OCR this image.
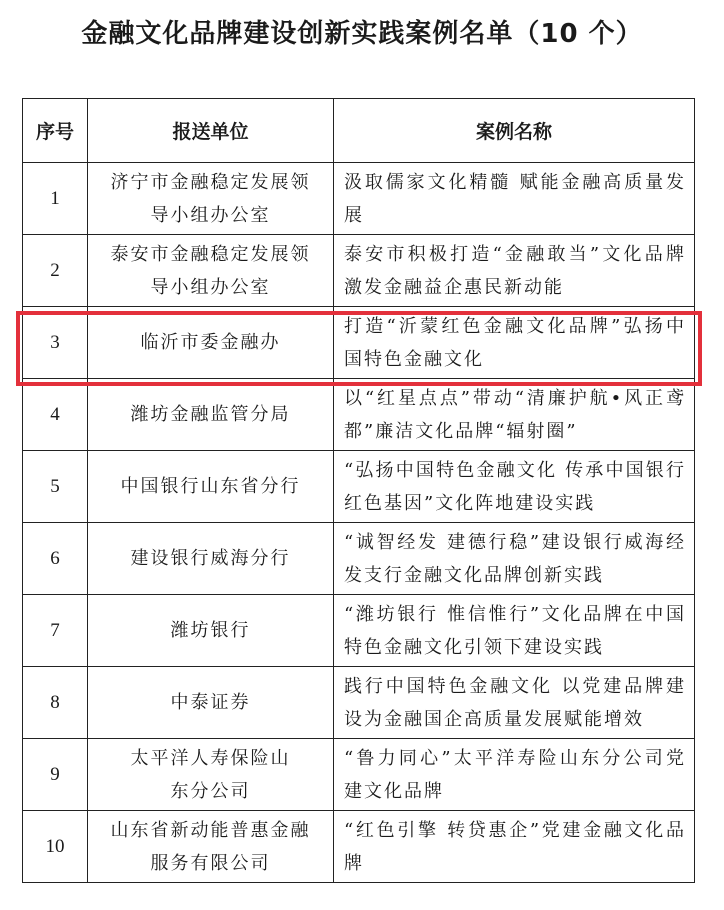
金融文化品牌建设创新实践案例名单（10 个）
序号	报送单位	案例名称
1	济宁市金融稳定发展领导小组办公室	汲取儒家文化精髓 赋能金融高质量发展

2	泰安市金融稳定发展领导小组办公室	泰安市积极打造“金融敢当”文化品牌激发金融益企惠民新动能

3	临沂市委金融办	打造“沂蒙红色金融文化品牌”弘扬中国特色金融文化

4	潍坊金融监管分局	以“红星点点”带动“清廉护航•风正鸢都”廉洁文化品牌“辐射圈”

5	中国银行山东省分行	“弘扬中国特色金融文化 传承中国银行红色基因”文化阵地建设实践

6	建设银行威海分行	“诚智经发 建德行稳”建设银行威海经发支行金融文化品牌创新实践

7	潍坊银行	“潍坊银行 惟信惟行”文化品牌在中国特色金融文化引领下建设实践

8	中泰证券	践行中国特色金融文化 以党建品牌建设为金融国企高质量发展赋能增效

9	太平洋人寿保险山东分公司	“鲁力同心”太平洋寿险山东分公司党建文化品牌

10	山东省新动能普惠金融服务有限公司	“红色引擎 转贷惠企”党建金融文化品牌
